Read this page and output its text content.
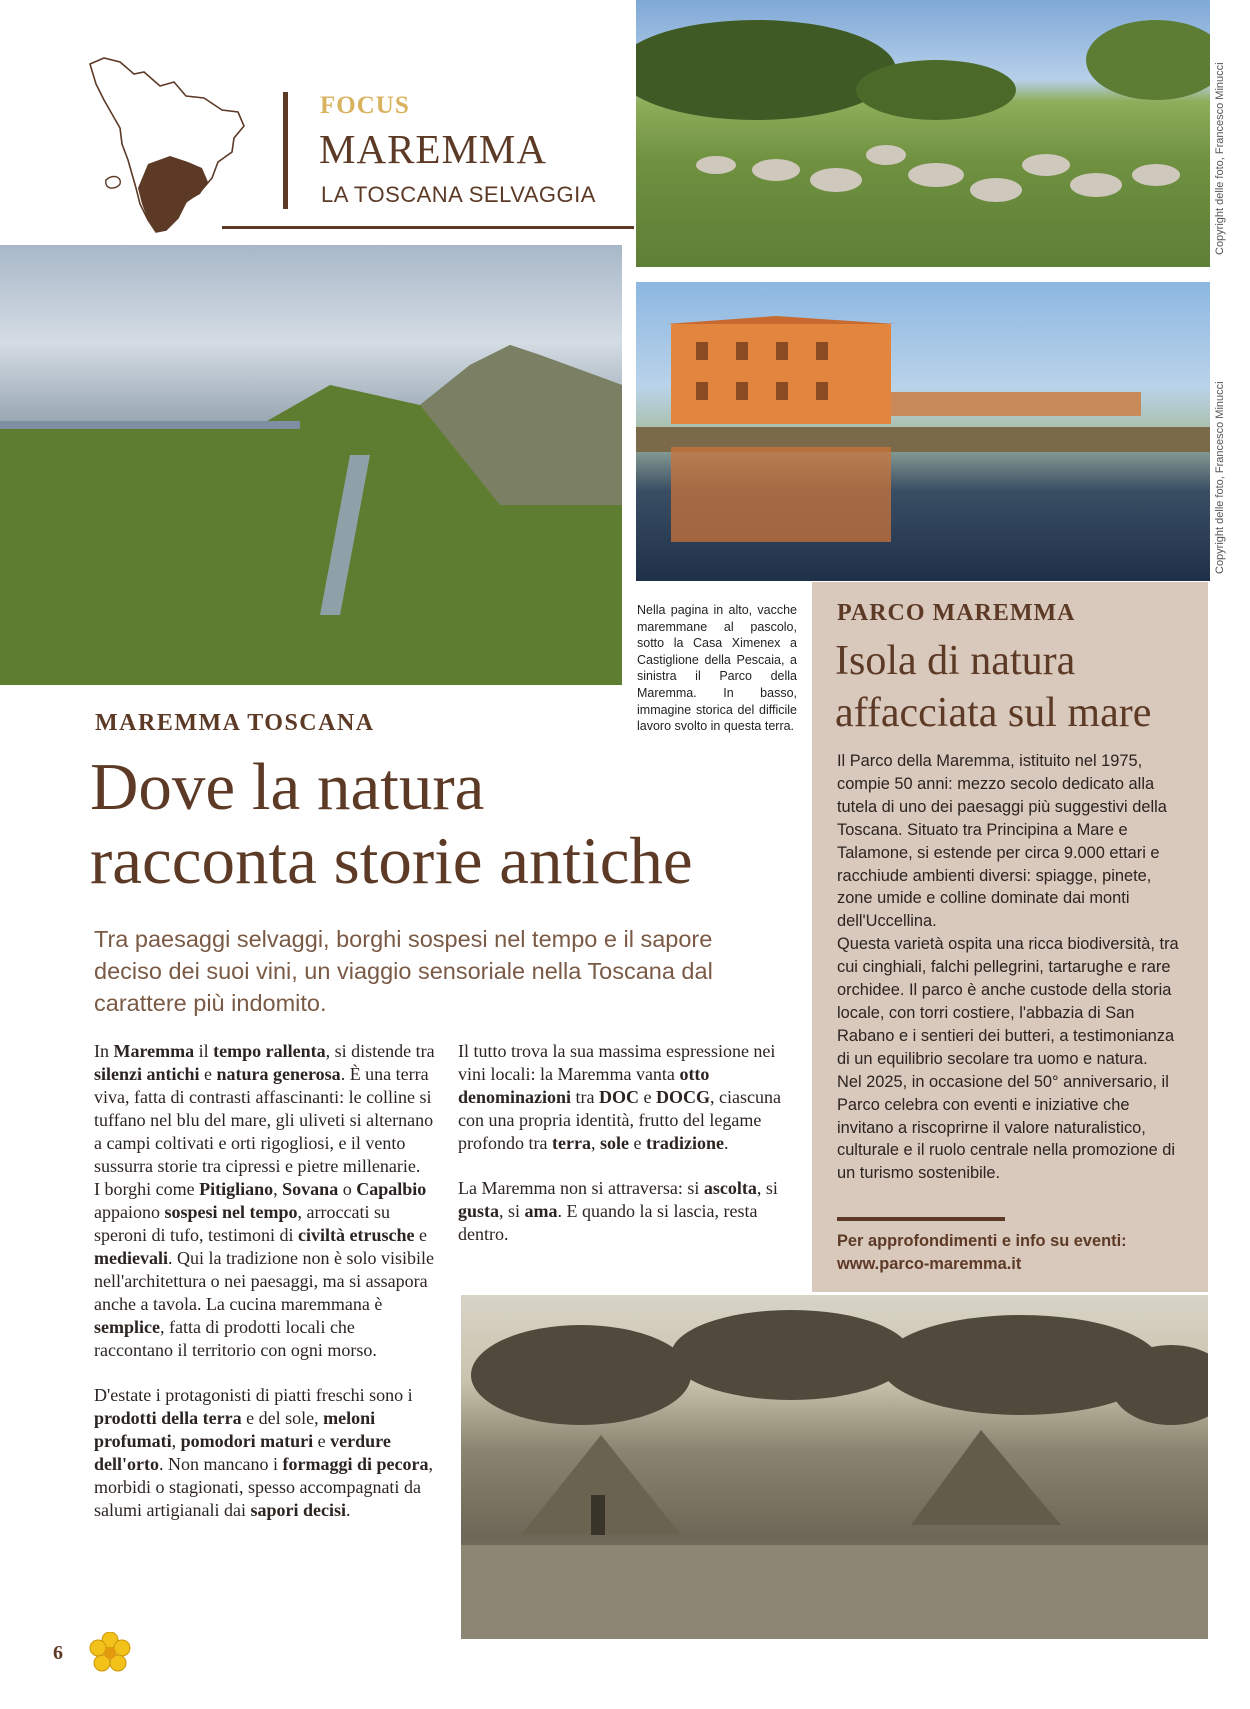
FOCUS
MAREMMA
LA TOSCANA SELVAGGIA	Copyright delle foto, Francesco Minucci
Copyright delle foto, Francesco Minucci
Nella pagina in alto, vacche maremmane al pascolo, sotto la Casa Ximenex a Castiglione della Pescaia, a sinistra il Parco della Maremma. In basso, immagine storica del difficile lavoro svolto in questa terra.
MAREMMA TOSCANA
Dove la natura
racconta storie antiche
Tra paesaggi selvaggi, borghi sospesi nel tempo e il sapore deciso dei suoi vini, un viaggio sensoriale nella Toscana dal carattere più indomito.

In Maremma il tempo rallenta, si distende tra silenzi antichi e natura generosa. È una terra viva, fatta di contrasti affascinanti: le colline si tuffano nel blu del mare, gli uliveti si alternano a campi coltivati e orti rigogliosi, e il vento sussurra storie tra cipressi e pietre millenarie.

I borghi come Pitigliano, Sovana o Capalbio appaiono sospesi nel tempo, arroccati su speroni di tufo, testimoni di civiltà etrusche e medievali. Qui la tradizione non è solo visibile nell'architettura o nei paesaggi, ma si assapora anche a tavola. La cucina maremmana è semplice, fatta di prodotti locali che raccontano il territorio con ogni morso.

D'estate i protagonisti di piatti freschi sono i prodotti della terra e del sole, meloni profumati, pomodori maturi e verdure dell'orto. Non mancano i formaggi di pecora, morbidi o stagionati, spesso accompagnati da salumi artigianali dai sapori decisi.

Il tutto trova la sua massima espressione nei vini locali: la Maremma vanta otto denominazioni tra DOC e DOCG, ciascuna con una propria identità, frutto del legame profondo tra terra, sole e tradizione.

La Maremma non si attraversa: si ascolta, si gusta, si ama. E quando la si lascia, resta dentro.

PARCO MAREMMA
Isola di natura
affacciata sul mare

Il Parco della Maremma, istituito nel 1975, compie 50 anni: mezzo secolo dedicato alla tutela di uno dei paesaggi più suggestivi della Toscana. Situato tra Principina a Mare e Talamone, si estende per circa 9.000 ettari e racchiude ambienti diversi: spiagge, pinete, zone umide e colline dominate dai monti dell'Uccellina.

Questa varietà ospita una ricca biodiversità, tra cui cinghiali, falchi pellegrini, tartarughe e rare orchidee. Il parco è anche custode della storia locale, con torri costiere, l'abbazia di San Rabano e i sentieri dei butteri, a testimonianza di un equilibrio secolare tra uomo e natura.

Nel 2025, in occasione del 50° anniversario, il Parco celebra con eventi e iniziative che invitano a riscoprirne il valore naturalistico, culturale e il ruolo centrale nella promozione di un turismo sostenibile.

Per approfondimenti e info su eventi:
www.parco-maremma.it
6
